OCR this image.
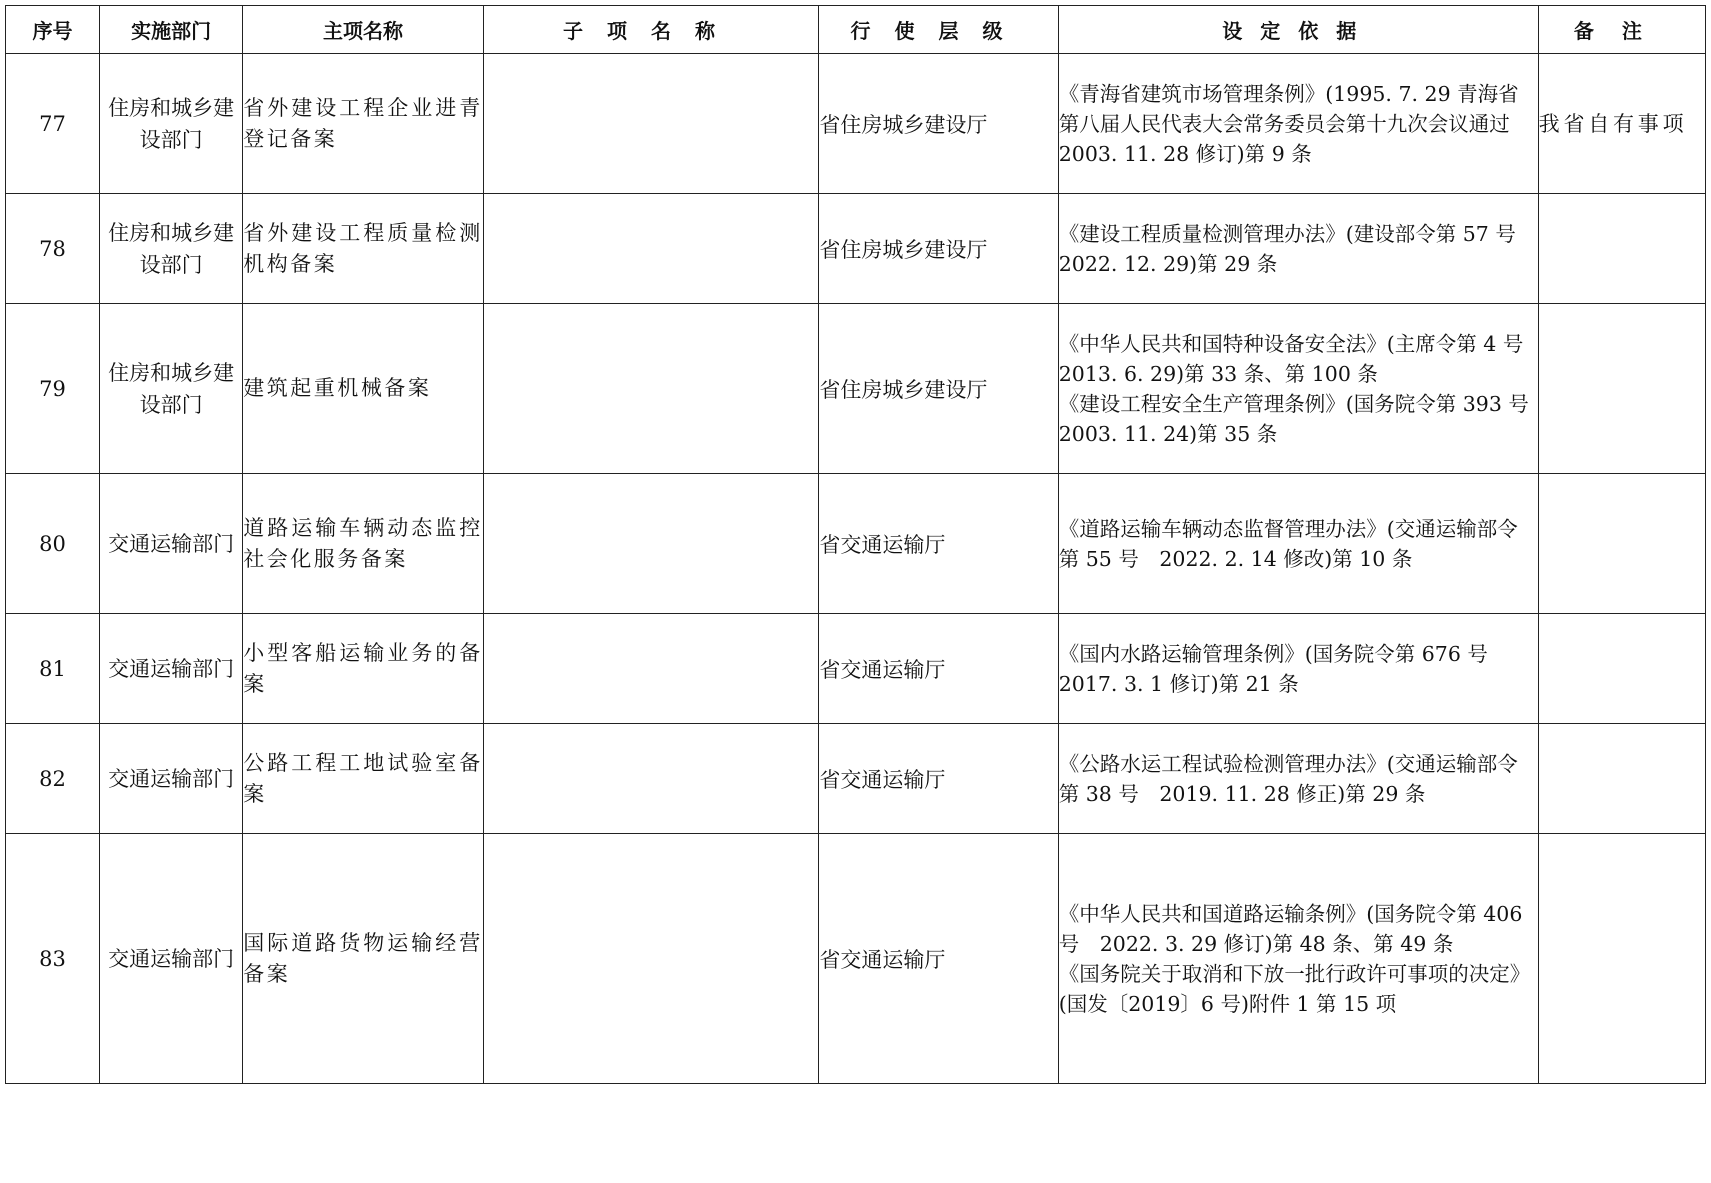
序号	实施部门	主项名称	子项名称	行使层级	设定依据	备注
77	住房和城乡建设部门	省外建设工程企业进青登记备案		省住房城乡建设厅	《青海省建筑市场管理条例》(1995. 7. 29 青海省第八届人民代表大会常务委员会第十九次会议通过　2003. 11. 28 修订)第 9 条	我省自有事项
78	住房和城乡建设部门	省外建设工程质量检测机构备案		省住房城乡建设厅	《建设工程质量检测管理办法》(建设部令第 57 号　2022. 12. 29)第 29 条	

79	住房和城乡建设部门	建筑起重机械备案		省住房城乡建设厅	《中华人民共和国特种设备安全法》(主席令第 4 号　2013. 6. 29)第 33 条、第 100 条
《建设工程安全生产管理条例》(国务院令第 393 号　2003. 11. 24)第 35 条	

80	交通运输部门	道路运输车辆动态监控社会化服务备案		省交通运输厅	《道路运输车辆动态监督管理办法》(交通运输部令第 55 号　2022. 2. 14 修改)第 10 条	

81	交通运输部门	小型客船运输业务的备案		省交通运输厅	《国内水路运输管理条例》(国务院令第 676 号　2017. 3. 1 修订)第 21 条	

82	交通运输部门	公路工程工地试验室备案		省交通运输厅	《公路水运工程试验检测管理办法》(交通运输部令第 38 号　2019. 11. 28 修正)第 29 条	

83	交通运输部门	国际道路货物运输经营备案		省交通运输厅	《中华人民共和国道路运输条例》(国务院令第 406 号　2022. 3. 29 修订)第 48 条、第 49 条
《国务院关于取消和下放一批行政许可事项的决定》(国发〔2019〕6 号)附件 1 第 15 项	
